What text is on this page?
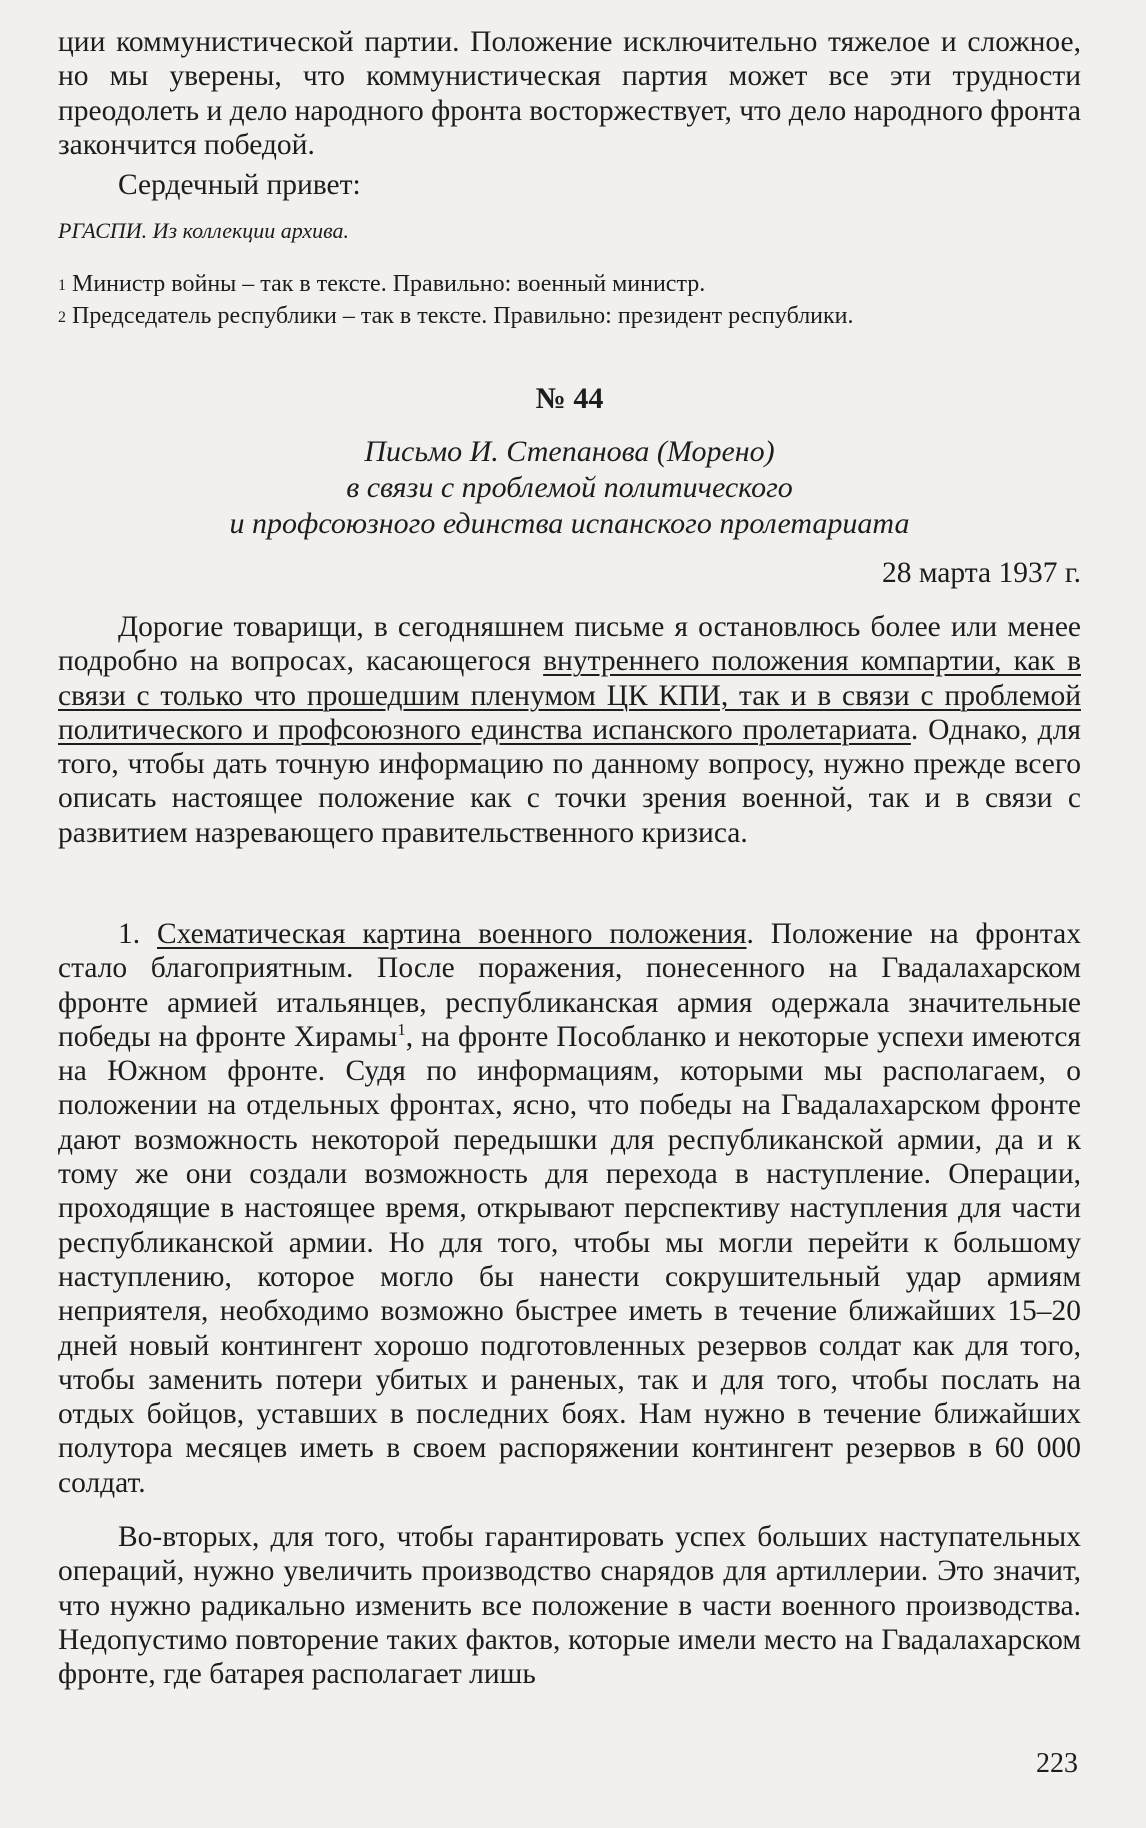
ции коммунистической партии. Положение исключительно тяжелое и сложное, но мы уверены, что коммунистическая партия может все эти трудности преодолеть и дело народного фронта восторжествует, что дело народного фронта закончится победой.

Сердечный привет:

РГАСПИ. Из коллекции архива.

$^1$ Министр войны – так в тексте. Правильно: военный министр.

$^2$ Председатель республики – так в тексте. Правильно: президент республики.

№ 44

Письмо И. Степанова (Морено)

в связи с проблемой политического

и профсоюзного единства испанского пролетариата

28 марта 1937 г.

Дорогие товарищи, в сегодняшнем письме я остановлюсь более или менее подробно на вопросах, касающегося внутреннего положения компартии, как в связи с только что прошедшим пленумом ЦК КПИ, так и в связи с проблемой политического и профсоюзного единства испанского пролетариата. Однако, для того, чтобы дать точную информацию по данному вопросу, нужно прежде всего описать настоящее положение как с точки зрения военной, так и в связи с развитием назревающего правительственного кризиса.

1. Схематическая картина военного положения. Положение на фронтах стало благоприятным. После поражения, понесенного на Гвадалахарском фронте армией итальянцев, республиканская армия одержала значительные победы на фронте Хирамы$^1$, на фронте Пособланко и некоторые успехи имеются на Южном фронте. Судя по информациям, которыми мы располагаем, о положении на отдельных фронтах, ясно, что победы на Гвадалахарском фронте дают возможность некоторой передышки для республиканской армии, да и к тому же они создали возможность для перехода в наступление. Операции, проходящие в настоящее время, открывают перспективу наступления для части республиканской армии. Но для того, чтобы мы могли перейти к большому наступлению, которое могло бы нанести сокрушительный удар армиям неприятеля, необходимо возможно быстрее иметь в течение ближайших 15–20 дней новый контингент хорошо подготовленных резервов солдат как для того, чтобы заменить потери убитых и раненых, так и для того, чтобы послать на отдых бойцов, уставших в последних боях. Нам нужно в течение ближайших полутора месяцев иметь в своем распоряжении контингент резервов в 60 000 солдат.

Во-вторых, для того, чтобы гарантировать успех больших наступательных операций, нужно увеличить производство снарядов для артиллерии. Это значит, что нужно радикально изменить все положение в части военного производства. Недопустимо повторение таких фактов, которые имели место на Гвадалахарском фронте, где батарея располагает лишь

223
